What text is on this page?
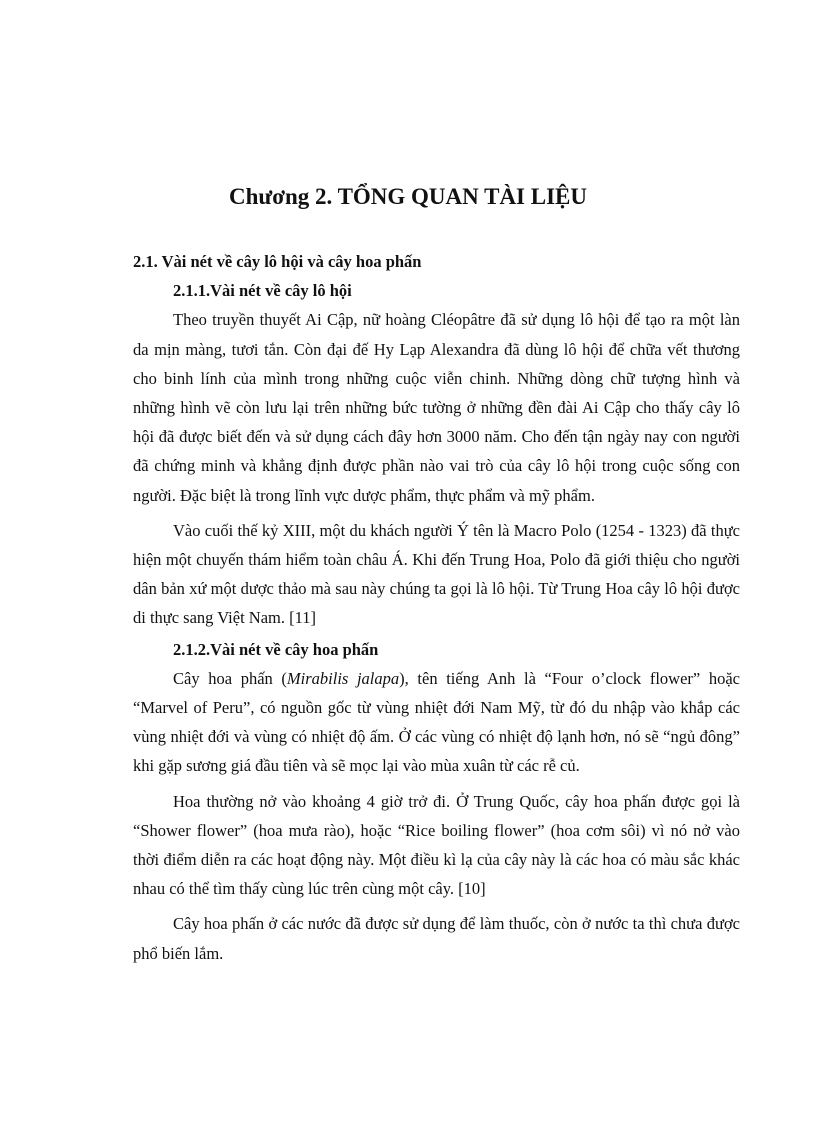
Chương 2. TỔNG QUAN TÀI LIỆU
2.1. Vài nét về cây lô hội và cây hoa phấn
2.1.1.Vài nét về cây lô hội

Theo truyền thuyết Ai Cập, nữ hoàng Cléopâtre đã sử dụng lô hội để tạo ra một làn da mịn màng, tươi tắn. Còn đại đế Hy Lạp Alexandra đã dùng lô hội để chữa vết thương cho binh lính của mình trong những cuộc viễn chinh. Những dòng chữ tượng hình và những hình vẽ còn lưu lại trên những bức tường ở những đền đài Ai Cập cho thấy cây lô hội đã được biết đến và sử dụng cách đây hơn 3000 năm. Cho đến tận ngày nay con người đã chứng minh và khẳng định được phần nào vai trò của cây lô hội trong cuộc sống con người. Đặc biệt là trong lĩnh vực dược phẩm, thực phẩm và mỹ phẩm.

Vào cuối thế kỷ XIII, một du khách người Ý tên là Macro Polo (1254 - 1323) đã thực hiện một chuyến thám hiểm toàn châu Á. Khi đến Trung Hoa, Polo đã giới thiệu cho người dân bản xứ một dược thảo mà sau này chúng ta gọi là lô hội. Từ Trung Hoa cây lô hội được di thực sang Việt Nam. [11]

2.1.2.Vài nét về cây hoa phấn

Cây hoa phấn (Mirabilis jalapa), tên tiếng Anh là “Four o’clock flower” hoặc “Marvel of Peru”, có nguồn gốc từ vùng nhiệt đới Nam Mỹ, từ đó du nhập vào khắp các vùng nhiệt đới và vùng có nhiệt độ ấm. Ở các vùng có nhiệt độ lạnh hơn, nó sẽ “ngủ đông” khi gặp sương giá đầu tiên và sẽ mọc lại vào mùa xuân từ các rễ củ.

Hoa thường nở vào khoảng 4 giờ trở đi. Ở Trung Quốc, cây hoa phấn được gọi là “Shower flower” (hoa mưa rào), hoặc “Rice boiling flower” (hoa cơm sôi) vì nó nở vào thời điểm diễn ra các hoạt động này. Một điều kì lạ của cây này là các hoa có màu sắc khác nhau có thể tìm thấy cùng lúc trên cùng một cây. [10]

Cây hoa phấn ở các nước đã được sử dụng để làm thuốc, còn ở nước ta thì chưa được phổ biến lắm.
